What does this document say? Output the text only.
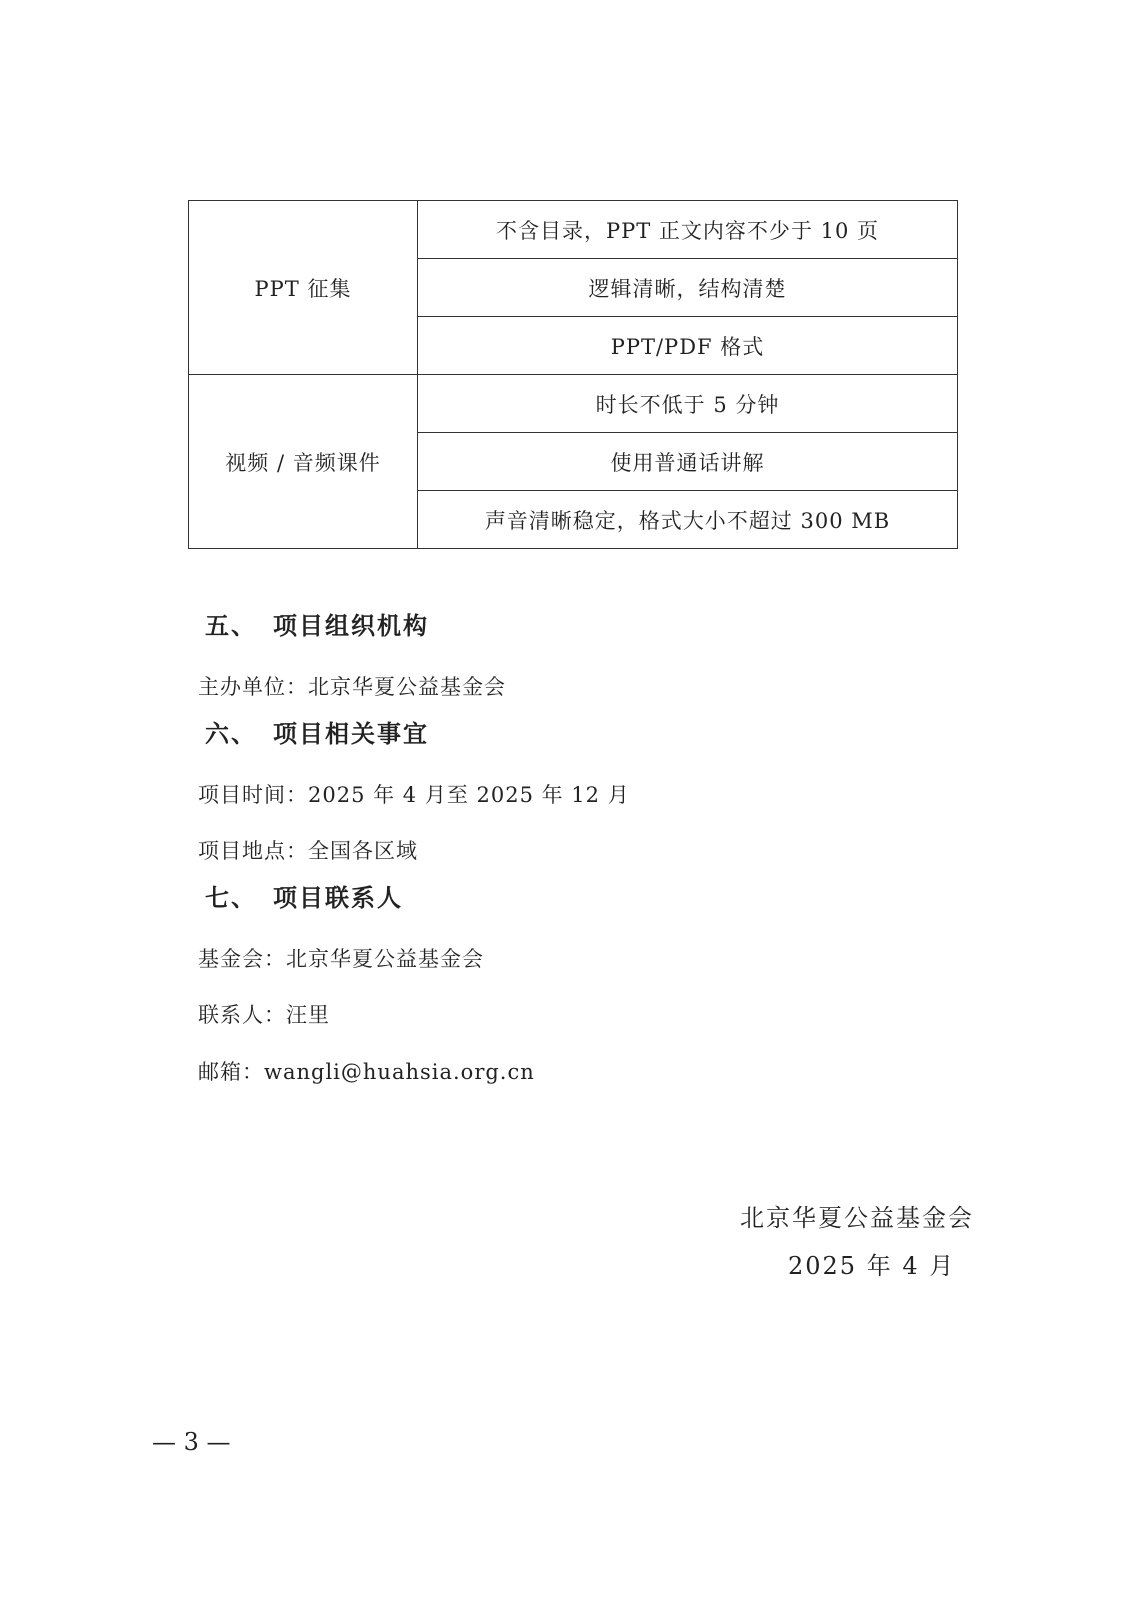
PPT 征集	不含目录，PPT 正文内容不少于 10 页
	逻辑清晰，结构清楚
	PPT/PDF 格式
视频 / 音频课件	时长不低于 5 分钟
	使用普通话讲解
	声音清晰稳定，格式大小不超过 300 MB
五、 项目组织机构

主办单位：北京华夏公益基金会

六、 项目相关事宜

项目时间：2025 年 4 月至 2025 年 12 月

项目地点：全国各区域

七、 项目联系人

基金会：北京华夏公益基金会

联系人：汪里

邮箱：wangli@huahsia.org.cn

北京华夏公益基金会

2025 年 4 月

— 3 —
